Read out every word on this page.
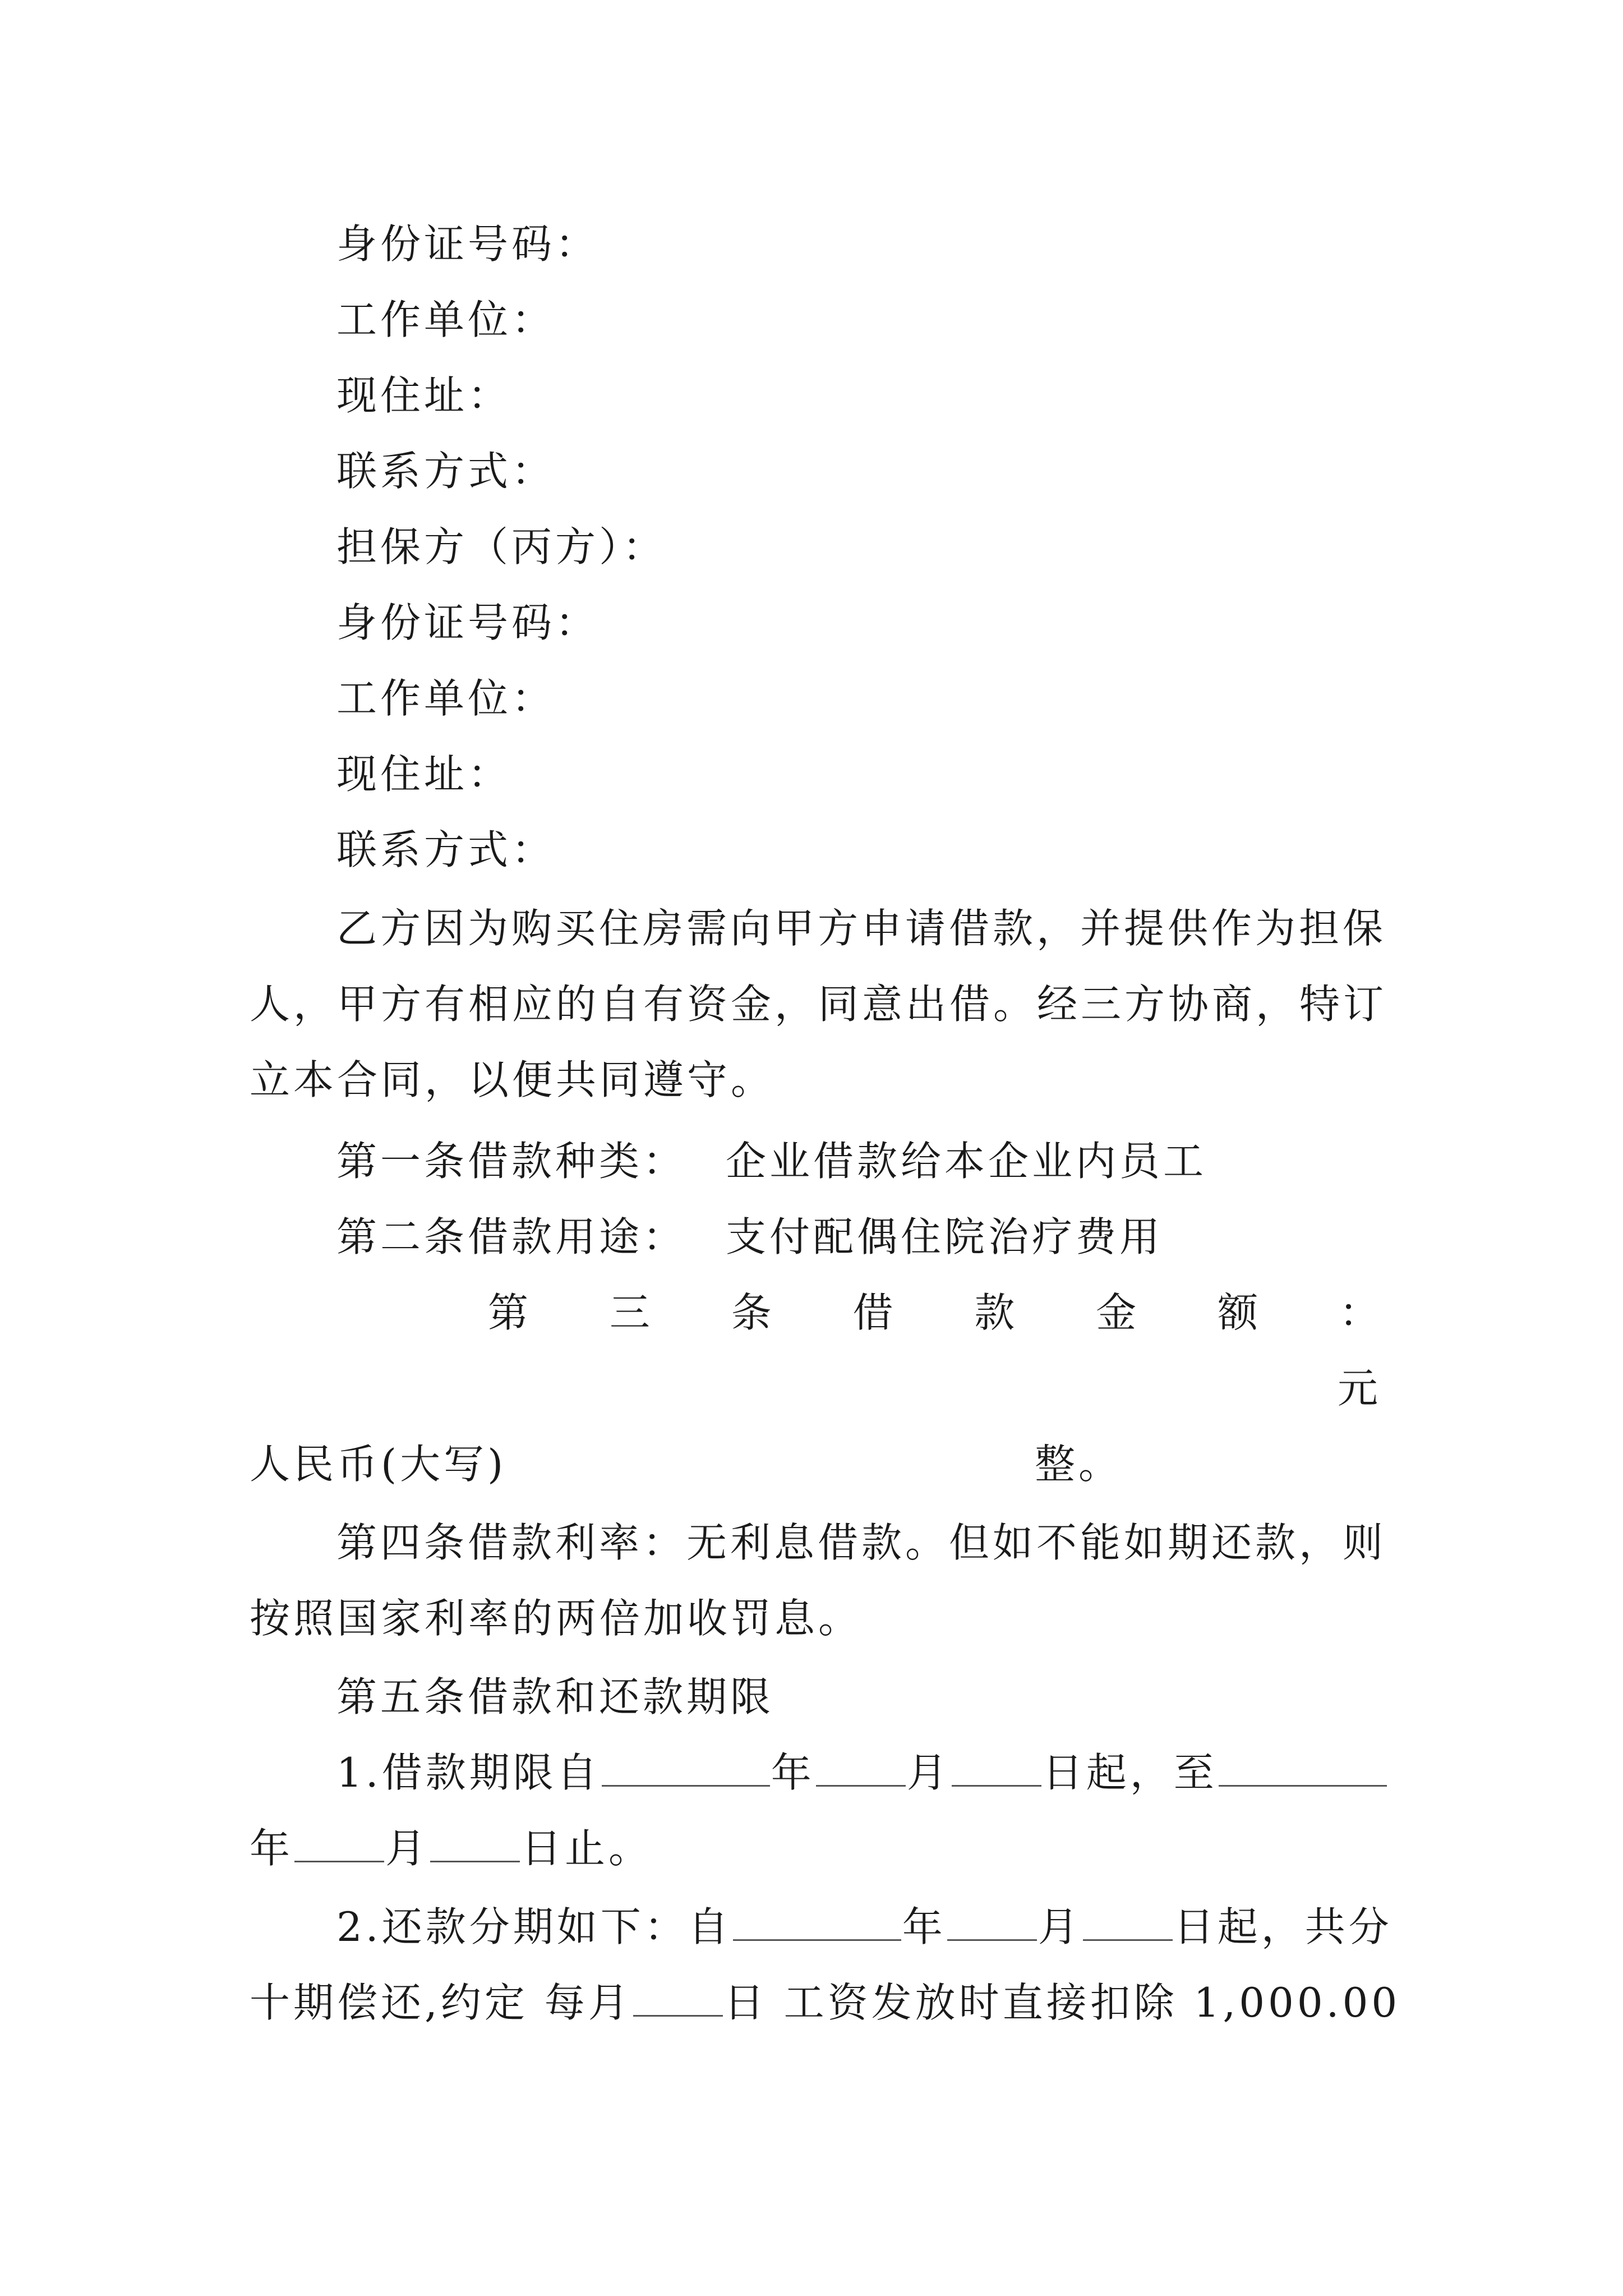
身份证号码：
工作单位：
现住址：
联系方式：
担保方（丙方）：
身份证号码：
工作单位：
现住址：
联系方式：
乙方因为购买住房需向甲方申请借款，并提供作为担保
人，甲方有相应的自有资金，同意出借。经三方协商，特订
立本合同，以便共同遵守。
第一条借款种类： 企业借款给本企业内员工
第二条借款用途： 支付配偶住院治疗费用
第 三 条 借 款 金 额 ：
元
人民币(大写)	整。
第四条借款利率：无利息借款。但如不能如期还款，则
按照国家利率的两倍加收罚息。
第五条借款和还款期限
1.借款期限自	年 月 日起，至
年 月 日止。
2.还款分期如下：自	年 月 日起，共分
十期偿还,约定 每月 日 工资发放时直接扣除 1,000.00
